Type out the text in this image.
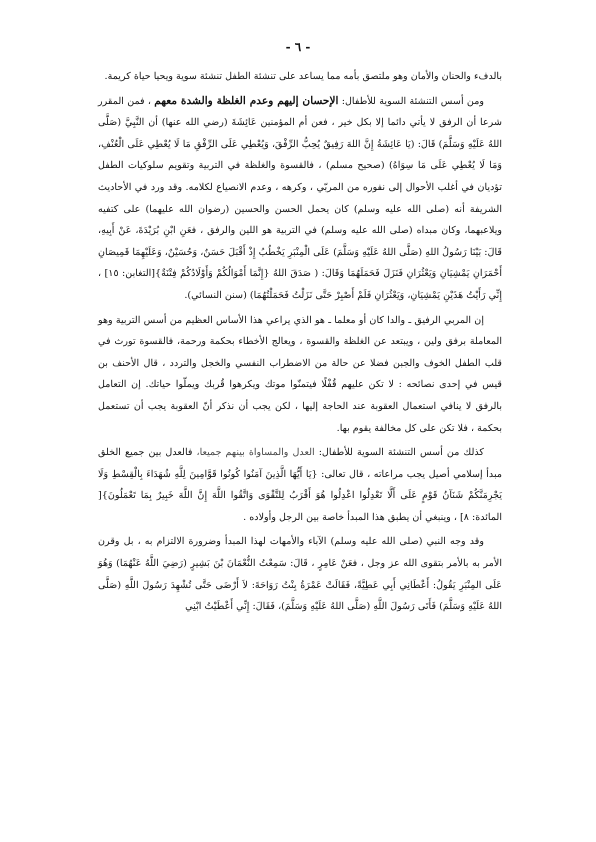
- ٦ -

بالدفء والحنان والأمان وهو ملتصق بأمه مما يساعد على تنشئة الطفل تنشئة سوية ويحيا حياة كريمة.

ومن أسس التنشئة السوية للأطفال: الإحسان إليهم وعدم الغلظة والشدة معهم ، فمن المقرر شرعا أن الرفق لا يأتي دائما إلا بكل خير ، فعن أم المؤمنين عَائِشَةَ (رضي الله عنها) أن النَّبِيَّ (صَلَّى اللهُ عَلَيْهِ وَسَلَّمَ) قَالَ: (يَا عَائِشَةُ إِنَّ اللهَ رَفِيقٌ يُحِبُّ الرِّفْقَ، وَيُعْطِي عَلَى الرِّفْقِ مَا لَا يُعْطِي عَلَى الْعُنْفِ، وَمَا لَا يُعْطِي عَلَى مَا سِوَاهُ) (صحيح مسلم) ، فالقسوة والغلظة في التربية وتقويم سلوكيات الطفل تؤديان في أغلب الأحوال إلى نفوره من المربّي ، وكرهه ، وعدم الانصياع لكلامه. وقد ورد في الأحاديث الشريفة أنه (صلى الله عليه وسلم) كان يحمل الحسن والحسين (رضوان الله عليهما) على كتفيه ويلاعبهما، وكان مبداه (صلى الله عليه وسلم) في التربية هو اللين والرفق ، فعَنِ ابْنِ بُرَيْدَةَ، عَنْ أَبِيهِ، قَالَ: بَيْنَا رَسُولُ اللهِ (صَلَّى اللهُ عَلَيْهِ وَسَلَّمَ) عَلَى الْمِنْبَرِ يَخْطُبُ إِذْ أَقْبَلَ حَسَنٌ، وَحُسَيْنٌ، وَعَلَيْهِمَا قَمِيصَانِ أَحْمَرَانِ يَمْشِيَانِ وَيَعْثُرَانِ فَنَزَلَ فَحَمَلَهُمَا وَقَالَ: ( صَدَقَ اللهُ {إِنَّمَا أَمْوَالُكُمْ وَأَوْلَادُكُمْ فِتْنَةٌ}[التغابن: ١٥] ، إِنِّي رَأَيْتُ هَذَيْنِ يَمْشِيَانِ، وَيَعْثُرَانِ فَلَمْ أَصْبِرْ حَتَّى نَزَلْتُ فَحَمَلْتُهُمَا) (سنن النسائي).

إن المربي الرفيق ـ والدا كان أو معلما ـ هو الذي يراعي هذا الأساس العظيم من أسس التربية وهو المعاملة برفق ولين ، ويبتعد عن الغلظة والقسوة ، ويعالج الأخطاء بحكمة ورحمة، فالقسوة تورث في قلب الطفل الخوف والجبن فضلا عن حالة من الاضطراب النفسي والخجل والتردد ، قال الأحنف بن قيس في إحدى نصائحه : لا تكن عليهم قُفْلًا فيتمنّوا موتك ويكرهوا قُربك ويملّوا حياتك. إن التعامل بالرفق لا ينافي استعمال العقوبة عند الحاجة إليها ، لكن يجب أن نذكر أنّ العقوبة يجب أن تستعمل بحكمة ، فلا تكن على كل مخالفة يقوم بها.

كذلك من أسس التنشئة السوية للأطفال: العدل والمساواة بينهم جميعا، فالعدل بين جميع الخلق مبدأ إسلامي أصيل يجب مراعاته ، قال تعالى: {يَا أَيُّهَا الَّذِينَ آمَنُوا كُونُوا قَوَّامِينَ لِلَّهِ شُهَدَاءَ بِالْقِسْطِ وَلَا يَجْرِمَنَّكُمْ شَنَآنُ قَوْمٍ عَلَى أَلَّا تَعْدِلُوا اعْدِلُوا هُوَ أَقْرَبُ لِلتَّقْوَى وَاتَّقُوا اللَّهَ إِنَّ اللَّهَ خَبِيرٌ بِمَا تَعْمَلُونَ}[ المائدة: ٨] ، وينبغي أن يطبق هذا المبدأ خاصة بين الرجل وأولاده .

وقد وجه النبي (صلى الله عليه وسلم) الآباء والأمهات لهذا المبدأ وضرورة الالتزام به ، بل وقرن الأمر به بالأمر بتقوى الله عز وجل ، فعَنْ عَامِرٍ ، قَالَ: سَمِعْتُ النُّعْمَانَ بْنَ بَشِيرٍ (رَضِيَ اللَّهُ عَنْهُمَا) وَهُوَ عَلَى المِنْبَرِ يَقُولُ: أَعْطَانِي أَبِي عَطِيَّةً، فَقَالَتْ عَمْرَةُ بِنْتُ رَوَاحَةَ: لاَ أَرْضَى حَتَّى تُشْهِدَ رَسُولَ اللَّهِ (صَلَّى اللهُ عَلَيْهِ وَسَلَّمَ) فَأَتَى رَسُولَ اللَّهِ (صَلَّى اللهُ عَلَيْهِ وَسَلَّمَ)، فَقَالَ: إِنِّي أَعْطَيْتُ ابْنِي
